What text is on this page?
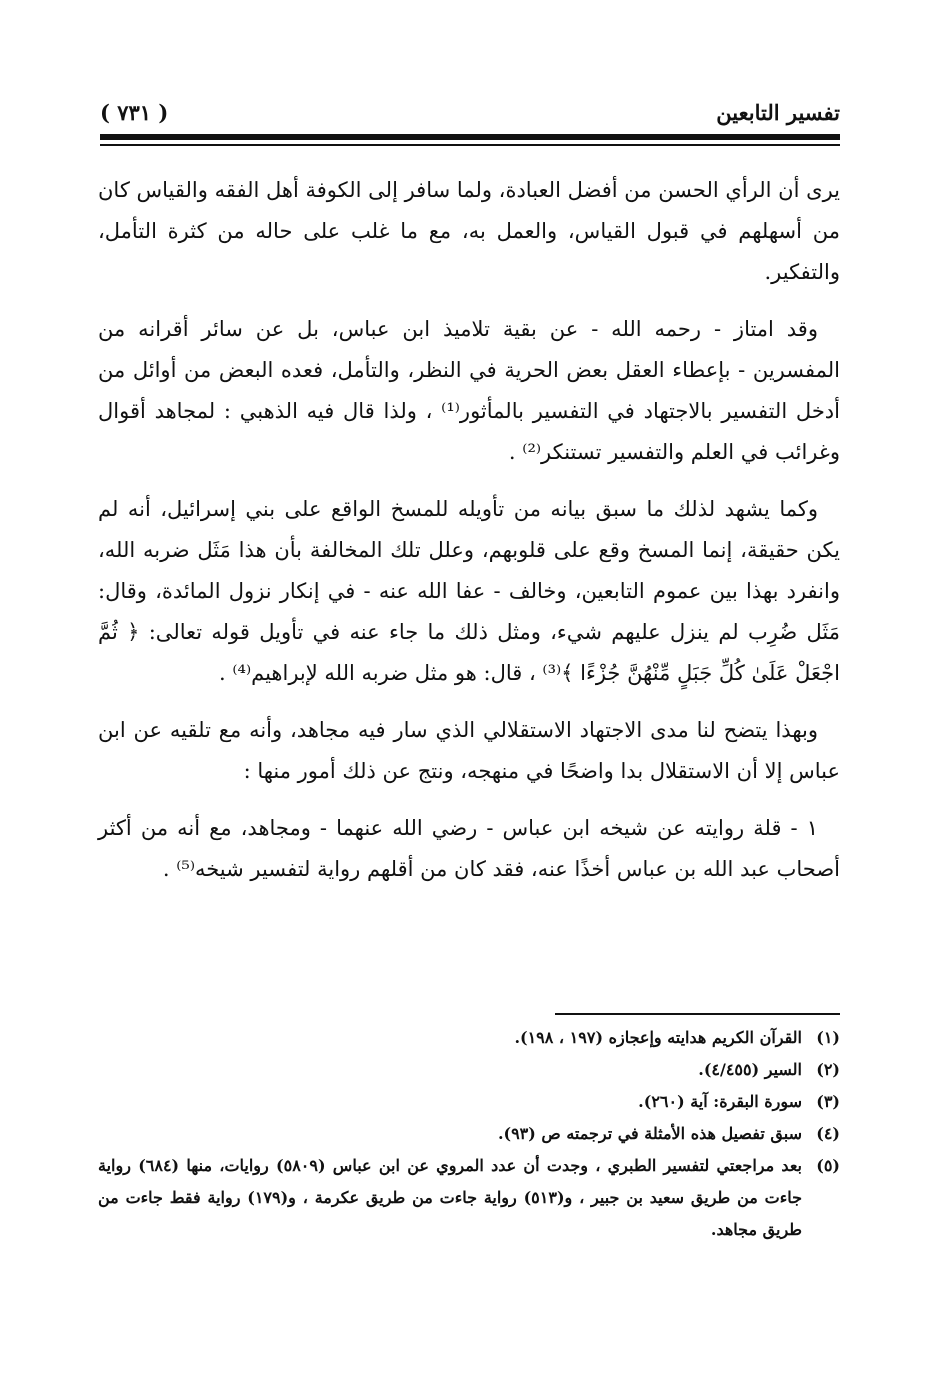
تفسير التابعين
( ٧٣١ )

يرى أن الرأي الحسن من أفضل العبادة، ولما سافر إلى الكوفة أهل الفقه والقياس كان من أسهلهم في قبول القياس، والعمل به، مع ما غلب على حاله من كثرة التأمل، والتفكير.

وقد امتاز - رحمه الله - عن بقية تلاميذ ابن عباس، بل عن سائر أقرانه من المفسرين - بإعطاء العقل بعض الحرية في النظر، والتأمل، فعده البعض من أوائل من أدخل التفسير بالاجتهاد في التفسير بالمأثور⁽¹⁾ ، ولذا قال فيه الذهبي : لمجاهد أقوال وغرائب في العلم والتفسير تستنكر⁽²⁾ .

وكما يشهد لذلك ما سبق بيانه من تأويله للمسخ الواقع على بني إسرائيل، أنه لم يكن حقيقة، إنما المسخ وقع على قلوبهم، وعلل تلك المخالفة بأن هذا مَثَل ضربه الله، وانفرد بهذا بين عموم التابعين، وخالف - عفا الله عنه - في إنكار نزول المائدة، وقال: مَثَل ضُرِب لم ينزل عليهم شيء، ومثل ذلك ما جاء عنه في تأويل قوله تعالى: ﴿ ثُمَّ اجْعَلْ عَلَىٰ كُلِّ جَبَلٍ مِّنْهُنَّ جُزْءًا ﴾⁽³⁾ ، قال: هو مثل ضربه الله لإبراهيم⁽⁴⁾ .

وبهذا يتضح لنا مدى الاجتهاد الاستقلالي الذي سار فيه مجاهد، وأنه مع تلقيه عن ابن عباس إلا أن الاستقلال بدا واضحًا في منهجه، ونتج عن ذلك أمور منها :

١ - قلة روايته عن شيخه ابن عباس - رضي الله عنهما - ومجاهد، مع أنه من أكثر أصحاب عبد الله بن عباس أخذًا عنه، فقد كان من أقلهم رواية لتفسير شيخه⁽⁵⁾ .

(١)
القرآن الكريم هدايته وإعجازه (١٩٧ ، ١٩٨).
(٢)
السير (٤/٤٥٥).
(٣)
سورة البقرة: آية (٢٦٠).
(٤)
سبق تفصيل هذه الأمثلة في ترجمته ص (٩٣).
(٥)
بعد مراجعتي لتفسير الطبري ، وجدت أن عدد المروي عن ابن عباس (٥٨٠٩) روايات، منها (٦٨٤) رواية جاءت من طريق سعيد بن جبير ، و(٥١٣) رواية جاءت من طريق عكرمة ، و(١٧٩) رواية فقط جاءت من طريق مجاهد.
